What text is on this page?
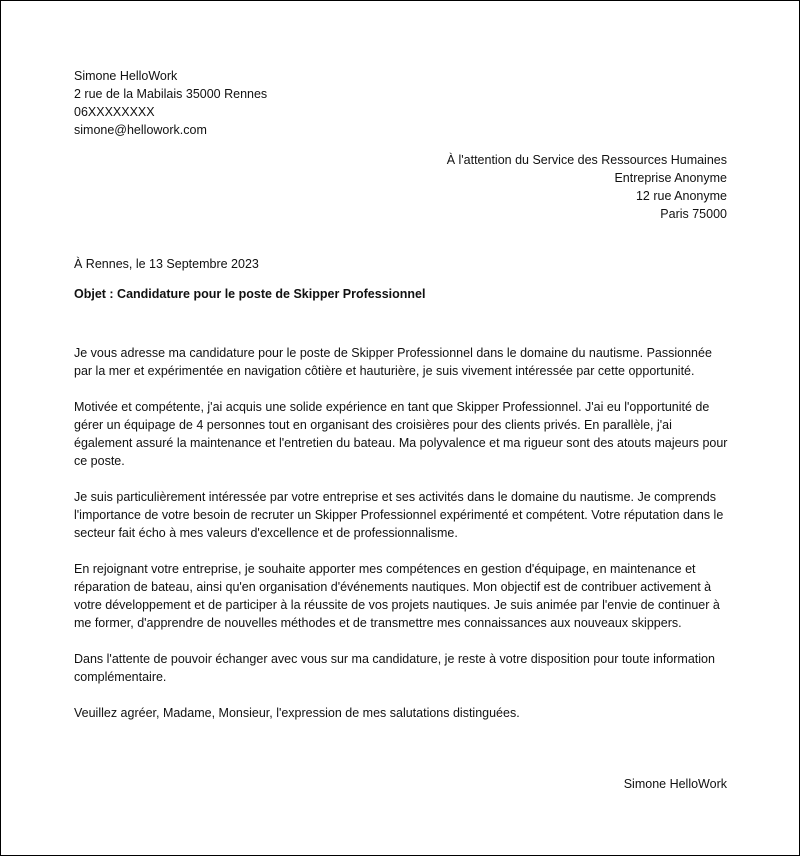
Simone HelloWork
2 rue de la Mabilais 35000 Rennes
06XXXXXXXX
simone@hellowork.com
À l'attention du Service des Ressources Humaines
Entreprise Anonyme
12 rue Anonyme
Paris 75000
À Rennes, le 13 Septembre 2023
Objet : Candidature pour le poste de Skipper Professionnel

Je vous adresse ma candidature pour le poste de Skipper Professionnel dans le domaine du nautisme. Passionnée par la mer et expérimentée en navigation côtière et hauturière, je suis vivement intéressée par cette opportunité.

Motivée et compétente, j'ai acquis une solide expérience en tant que Skipper Professionnel. J'ai eu l'opportunité de gérer un équipage de 4 personnes tout en organisant des croisières pour des clients privés. En parallèle, j'ai également assuré la maintenance et l'entretien du bateau. Ma polyvalence et ma rigueur sont des atouts majeurs pour ce poste.

Je suis particulièrement intéressée par votre entreprise et ses activités dans le domaine du nautisme. Je comprends l'importance de votre besoin de recruter un Skipper Professionnel expérimenté et compétent. Votre réputation dans le secteur fait écho à mes valeurs d'excellence et de professionnalisme.

En rejoignant votre entreprise, je souhaite apporter mes compétences en gestion d'équipage, en maintenance et réparation de bateau, ainsi qu'en organisation d'événements nautiques. Mon objectif est de contribuer activement à votre développement et de participer à la réussite de vos projets nautiques. Je suis animée par l'envie de continuer à me former, d'apprendre de nouvelles méthodes et de transmettre mes connaissances aux nouveaux skippers.

Dans l'attente de pouvoir échanger avec vous sur ma candidature, je reste à votre disposition pour toute information complémentaire.

Veuillez agréer, Madame, Monsieur, l'expression de mes salutations distinguées.

Simone HelloWork
